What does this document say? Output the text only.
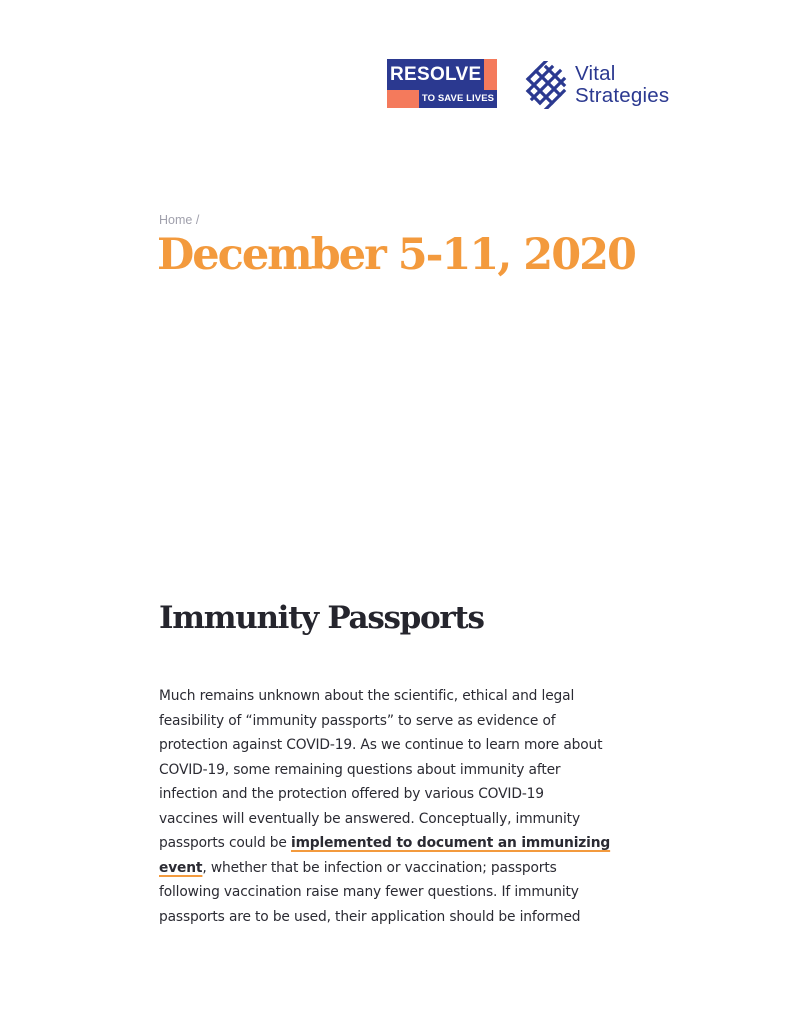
RESOLVE
TO SAVE LIVES
Vital
Strategies
Home /
December 5-11, 2020
Immunity Passports

Much remains unknown about the scientific, ethical and legal
feasibility of “immunity passports” to serve as evidence of
protection against COVID-19. As we continue to learn more about
COVID-19, some remaining questions about immunity after
infection and the protection offered by various COVID-19
vaccines will eventually be answered. Conceptually, immunity
passports could be implemented to document an immunizing
event, whether that be infection or vaccination; passports
following vaccination raise many fewer questions. If immunity
passports are to be used, their application should be informed
